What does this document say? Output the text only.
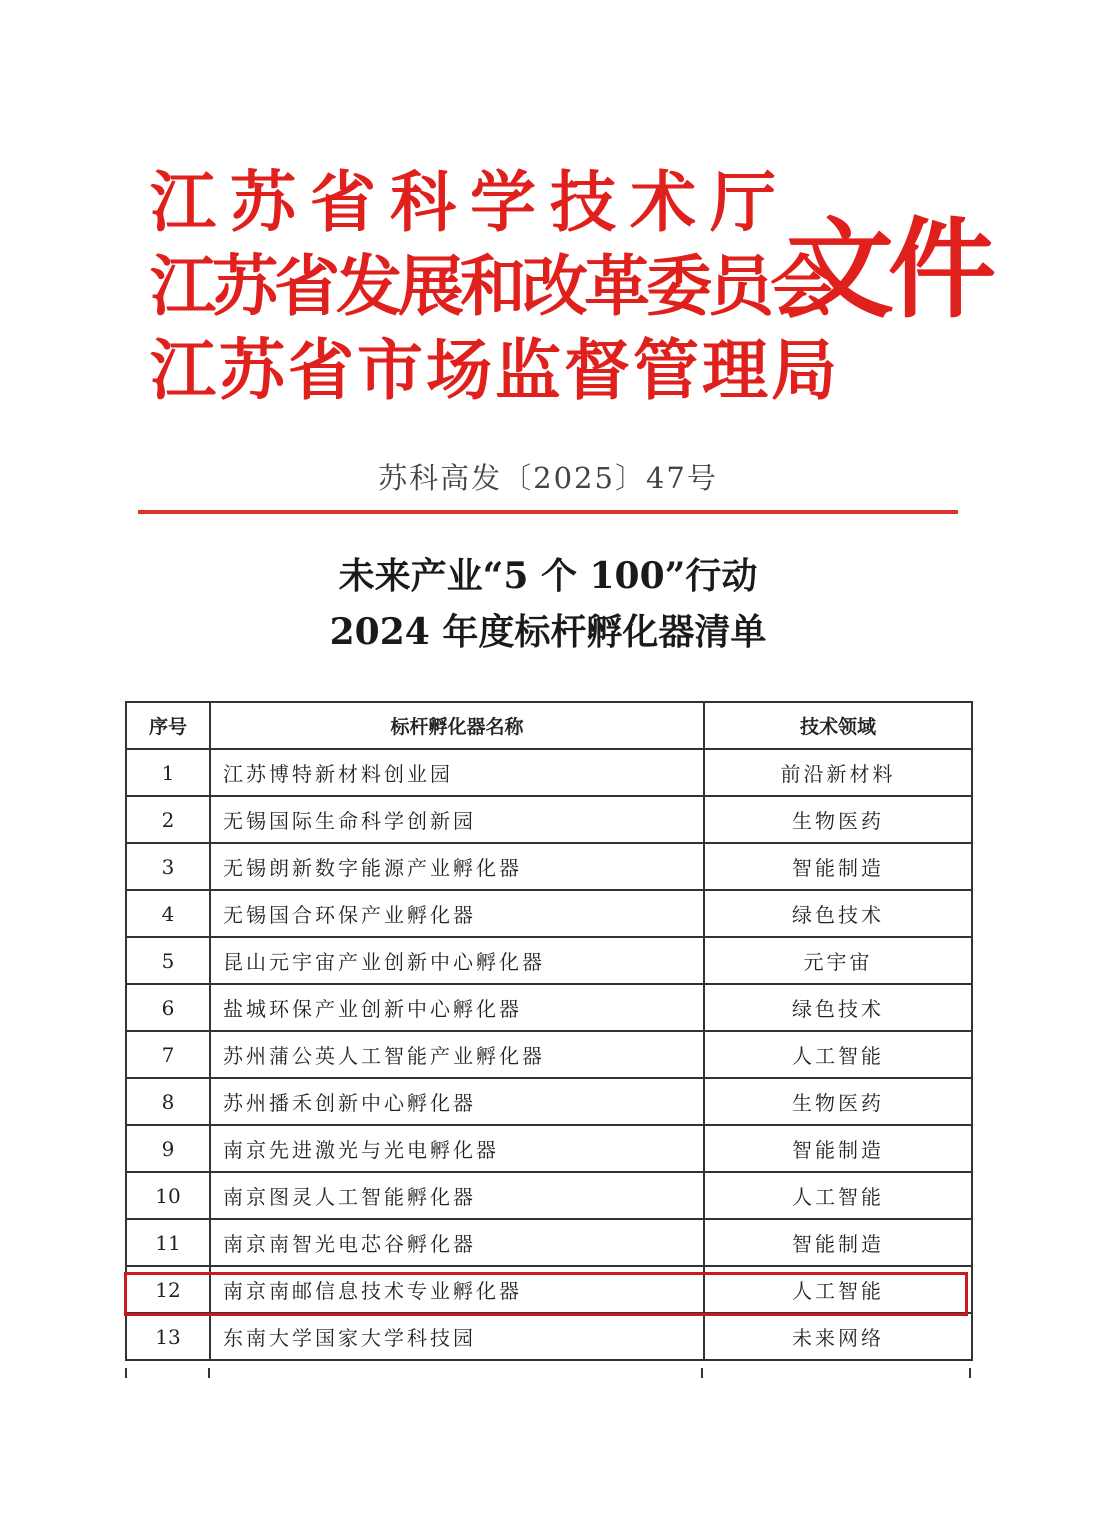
江苏省科学技术厅
江苏省发展和改革委员会
江苏省市场监督管理局
文件
苏科高发〔2025〕47号
未来产业“5 个 100”行动
2024 年度标杆孵化器清单
序号	标杆孵化器名称	技术领域
1	江苏博特新材料创业园	前沿新材料
2	无锡国际生命科学创新园	生物医药
3	无锡朗新数字能源产业孵化器	智能制造
4	无锡国合环保产业孵化器	绿色技术
5	昆山元宇宙产业创新中心孵化器	元宇宙
6	盐城环保产业创新中心孵化器	绿色技术
7	苏州蒲公英人工智能产业孵化器	人工智能
8	苏州播禾创新中心孵化器	生物医药
9	南京先进激光与光电孵化器	智能制造
10	南京图灵人工智能孵化器	人工智能
11	南京南智光电芯谷孵化器	智能制造
12	南京南邮信息技术专业孵化器	人工智能
13	东南大学国家大学科技园	未来网络
